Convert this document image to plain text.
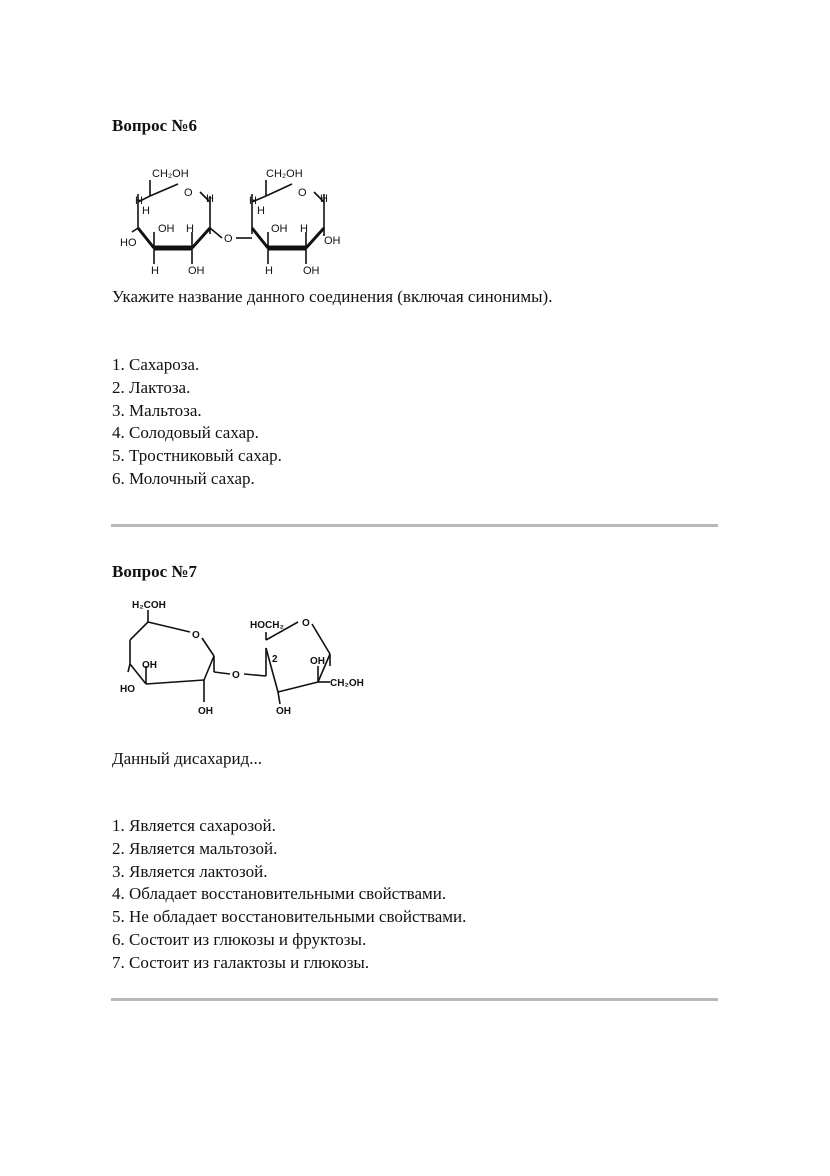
Вопрос №6
CH₂OH	CH₂OH
O	O
O
H
H
H
H
H
H
H
H
H
H
HO
OH
OH
OH
OH
OH

Укажите название данного соединения (включая синонимы).

1. Сахароза.
2. Лактоза.
3. Мальтоза.
4. Солодовый сахар.
5. Тростниковый сахар.
6. Молочный сахар.
Вопрос №7
H₂COH
HOCH₂
O
O
O
OH
HO
OH
2	OH
CH₂OH
OH

Данный дисахарид...

1. Является сахарозой.
2. Является мальтозой.
3. Является лактозой.
4. Обладает восстановительными свойствами.
5. Не обладает восстановительными свойствами.
6. Состоит из глюкозы и фруктозы.
7. Состоит из галактозы и глюкозы.
